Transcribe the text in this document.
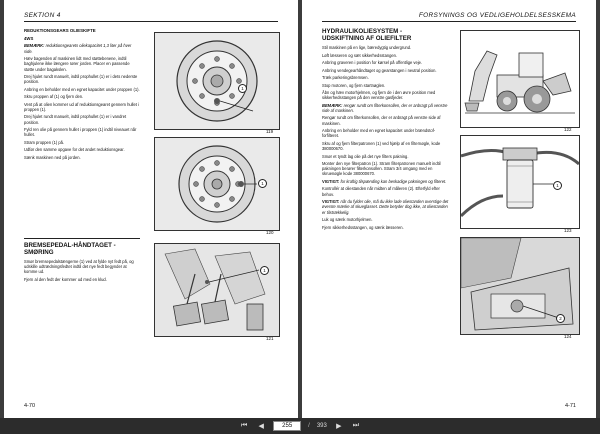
SEKTION 4
REDUKTIONSGEARS OLIESKIFTE
4WS

BEMÆRK: reduktionsgearets oliekapacitet 1,3 liter på hver side.

Hæv bagenden af maskinen lidt med støttebenene, indtil baghjulene ikke længere rører jorden. Placer en passende støtte under bagakslen.

Drej hjulet rundt manuelt, indtil prophullet (1) er i dets nederste position.

Anbring en beholder med en egnet kapacitet under proppen (1).

Skru proppen af (1) og fjern den.

Vent på at olien kommer ud af reduktionsgearet gennem hullet i proppen (1).

Drej hjulet rundt manuelt, indtil prophullet (1) er i vandret position.

Fyld ren olie på gennem hullet i proppen (1) indtil niveauet når hullet.

Stram proppen (1) på.

Udfør den samme opgave for det andet reduktionsgear.

Sænk maskinen ned på jorden.

BREMSEPEDAL-HÅNDTAGET -
SMØRING

Smør bremsepedalstængerne (1) ved at fylde nyt fedt på, og udskille udtrædningsfedtet indtil det nye fedt begynder at komme ud.

Fjern al den fedt der kommer ud med en klud.

1
119
1
120
1
121
4-70
FORSYNINGS OG VEDLIGEHOLDELSESSKEMA
HYDRAULIKOLIESYSTEM -
UDSKIFTNING AF OLIEFILTER

Stil maskinen på en lige, bæredygtig undergrund.

Løft læsseren og sæt sikkerhedsstangen.

Anbring graveren i position for kørsel på offentlige veje.

Anbring vendegearhåndtaget og gearstangen i neutral position.

Træk parkeringsbremsen.

Stop motoren, og fjern startnøglen.

Åbn og hæv motorhjelmen, og fjern de i den øvre position med sikkerhedsstangen på den venstre gasfjeder.

BEMÆRK: rengør rundt om filterkonsollen, der er anbragt på venstre side af maskinen.

Rengør rundt om filterkonsollen, der er anbragt på venstre side af maskinen.

Anbring en beholder med en egnet kapacitet under brændstof-forfilteret.

Skru af og fjern filterpatronen (1) ved hjælp af en filternøgle, kode 380000670.

Smør et tyndt lag olie på det nye filters pakning.

Monter den nye filterpatron (1). Stram filterpatronen manuelt indtil pakningen berører filterkonsollen. Stram 3/4 omgang med en skruenøgle kode 380000670.

VIGTIGT: for kraftig tilspænding kan beskadige pakningen og filteret.

Kontrollér at oliestanden når midten af måleren (2). Efterfyld efter behov.

VIGTIGT: når du fylder olie, må du ikke lade oliestanden overstige det øverste mærke af skueglasset. Dette betyder dog ikke, at oliestanden er tilstrækkelig.

Luk og sænk motorhjelmen.

Fjern sikkerhedsstangen, og sænk læsseren.

122
1
123
2
124
4-71
⏮	◀	255	/ 393	▶	⏭
